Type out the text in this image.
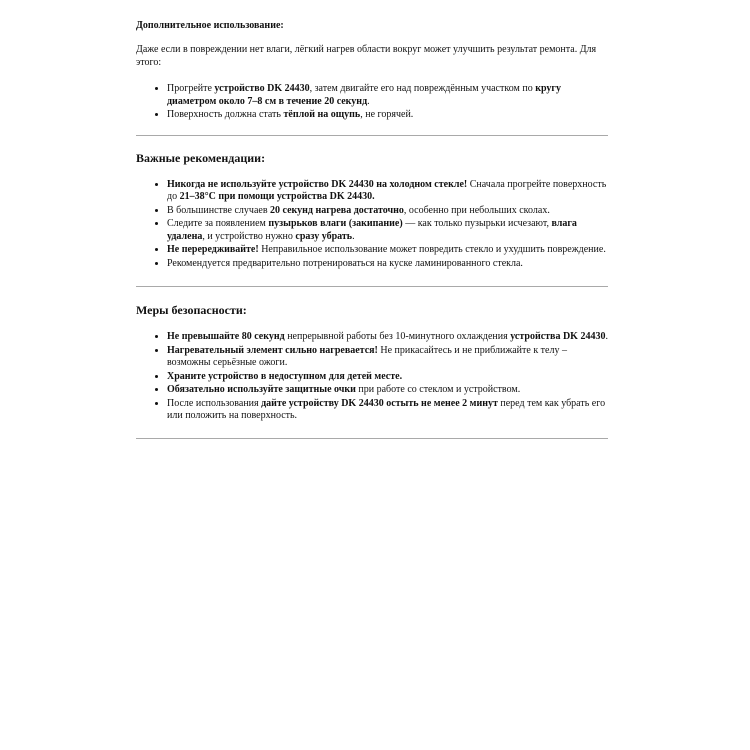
Дополнительное использование:
Даже если в повреждении нет влаги, лёгкий нагрев области вокруг может улучшить результат ремонта. Для этого:
• Прогрейте устройство DK 24430, затем двигайте его над повреждённым участком по кругу диаметром около 7–8 см в течение 20 секунд.
• Поверхность должна стать тёплой на ощупь, не горячей.
Важные рекомендации:
• Никогда не используйте устройство DK 24430 на холодном стекле! Сначала прогрейте поверхность до 21–38°C при помощи устройства DK 24430.
• В большинстве случаев 20 секунд нагрева достаточно, особенно при небольших сколах.
• Следите за появлением пузырьков влаги (закипание) — как только пузырьки исчезают, влага удалена, и устройство нужно сразу убрать.
• Не перередживайте! Неправильное использование может повредить стекло и ухудшить повреждение.
• Рекомендуется предварительно потренироваться на куске ламинированного стекла.
Меры безопасности:
• Не превышайте 80 секунд непрерывной работы без 10-минутного охлаждения устройства DK 24430.
• Нагревательный элемент сильно нагревается! Не прикасайтесь и не приближайте к телу – возможны серьёзные ожоги.
• Храните устройство в недоступном для детей месте.
• Обязательно используйте защитные очки при работе со стеклом и устройством.
• После использования дайте устройству DK 24430 остыть не менее 2 минут перед тем как убрать его или положить на поверхность.
